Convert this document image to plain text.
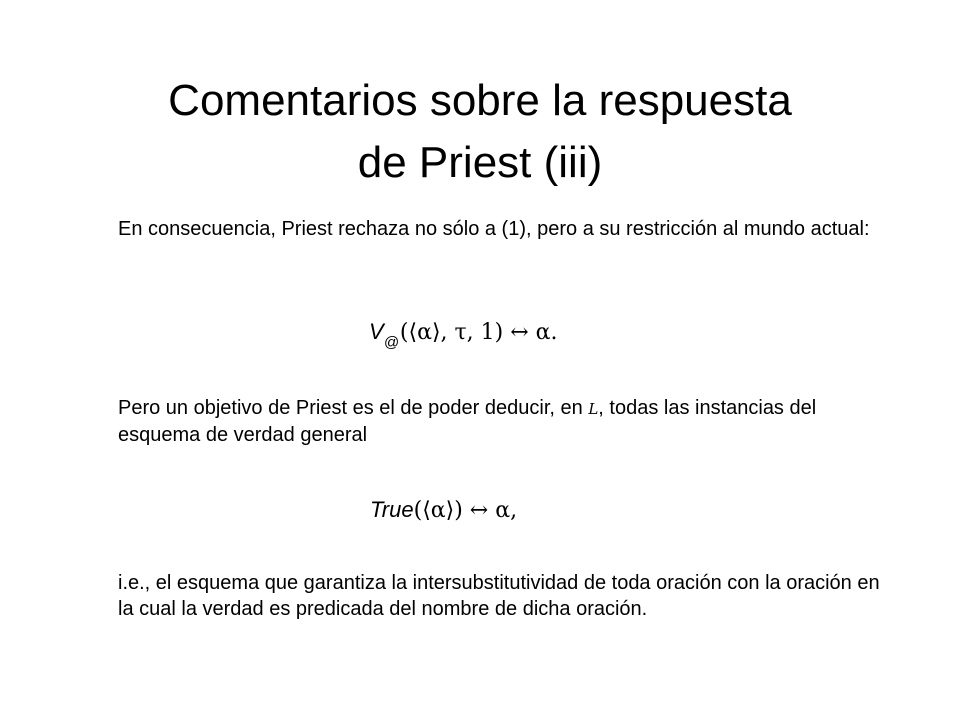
Comentarios sobre la respuesta
de Priest (iii)
En consecuencia, Priest rechaza no sólo a (1), pero a su restricción al mundo actual:
$V_@(⟨\alpha⟩$, τ, 1) ↔ α.
Pero un objetivo de Priest es el de poder deducir, en L, todas las instancias del esquema de verdad general
True(⟨α⟩) ↔ α,
i.e., el esquema que garantiza la intersubstitutividad de toda oración con la oración en la cual la verdad es predicada del nombre de dicha oración.
